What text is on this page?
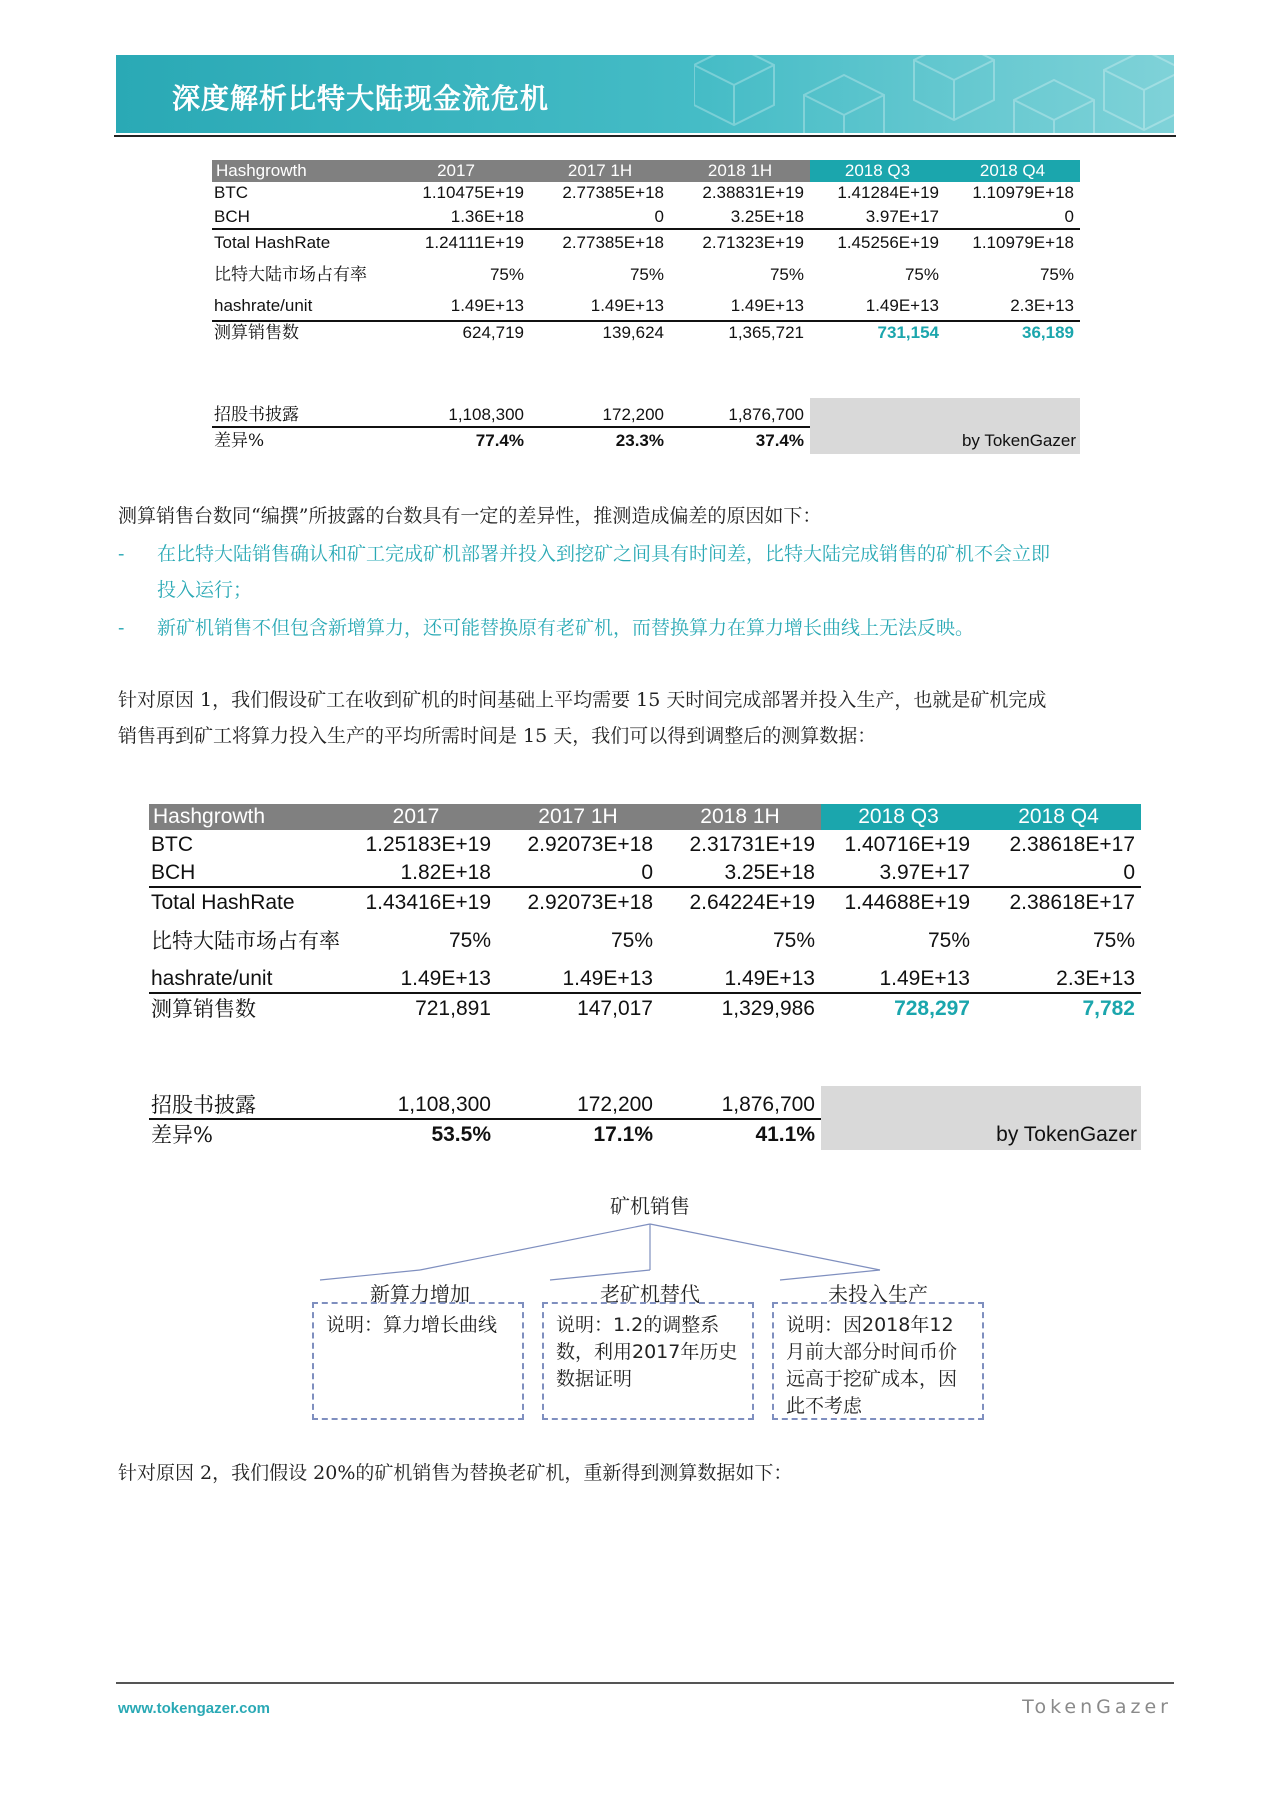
深度解析比特大陆现金流危机
Hashgrowth	2017	2017 1H	2018 1H	2018 Q3	2018 Q4
BTC	1.10475E+19	2.77385E+18	2.38831E+19	1.41284E+19	1.10979E+18
BCH	1.36E+18	0	3.25E+18	3.97E+17	0
Total HashRate	1.24111E+19	2.77385E+18	2.71323E+19	1.45256E+19	1.10979E+18
比特大陆市场占有率	75%	75%	75%	75%	75%
hashrate/unit	1.49E+13	1.49E+13	1.49E+13	1.49E+13	2.3E+13
测算销售数	624,719	139,624	1,365,721	731,154	36,189
招股书披露	1,108,300	172,200	1,876,700
差异%	77.4%	23.3%	37.4%	by TokenGazer
测算销售台数同“编撰”所披露的台数具有一定的差异性，推测造成偏差的原因如下：
- 在比特大陆销售确认和矿工完成矿机部署并投入到挖矿之间具有时间差，比特大陆完成销售的矿机不会立即
投入运行；
- 新矿机销售不但包含新增算力，还可能替换原有老矿机，而替换算力在算力增长曲线上无法反映。
针对原因 1，我们假设矿工在收到矿机的时间基础上平均需要 15 天时间完成部署并投入生产，也就是矿机完成
销售再到矿工将算力投入生产的平均所需时间是 15 天，我们可以得到调整后的测算数据：
Hashgrowth	2017	2017 1H	2018 1H	2018 Q3	2018 Q4
BTC	1.25183E+19	2.92073E+18	2.31731E+19	1.40716E+19	2.38618E+17
BCH	1.82E+18	0	3.25E+18	3.97E+17	0
Total HashRate	1.43416E+19	2.92073E+18	2.64224E+19	1.44688E+19	2.38618E+17
比特大陆市场占有率	75%	75%	75%	75%	75%
hashrate/unit	1.49E+13	1.49E+13	1.49E+13	1.49E+13	2.3E+13
测算销售数	721,891	147,017	1,329,986	728,297	7,782
招股书披露	1,108,300	172,200	1,876,700
差异%	53.5%	17.1%	41.1%	by TokenGazer
矿机销售
新算力增加	老矿机替代	未投入生产
说明：算力增长曲线	说明：1.2的调整系数，利用2017年历史数据证明
说明：因2018年12月前大部分时间币价远高于挖矿成本，因此不考虑
针对原因 2，我们假设 20%的矿机销售为替换老矿机，重新得到测算数据如下：
www.tokengazer.com	TokenGazer
